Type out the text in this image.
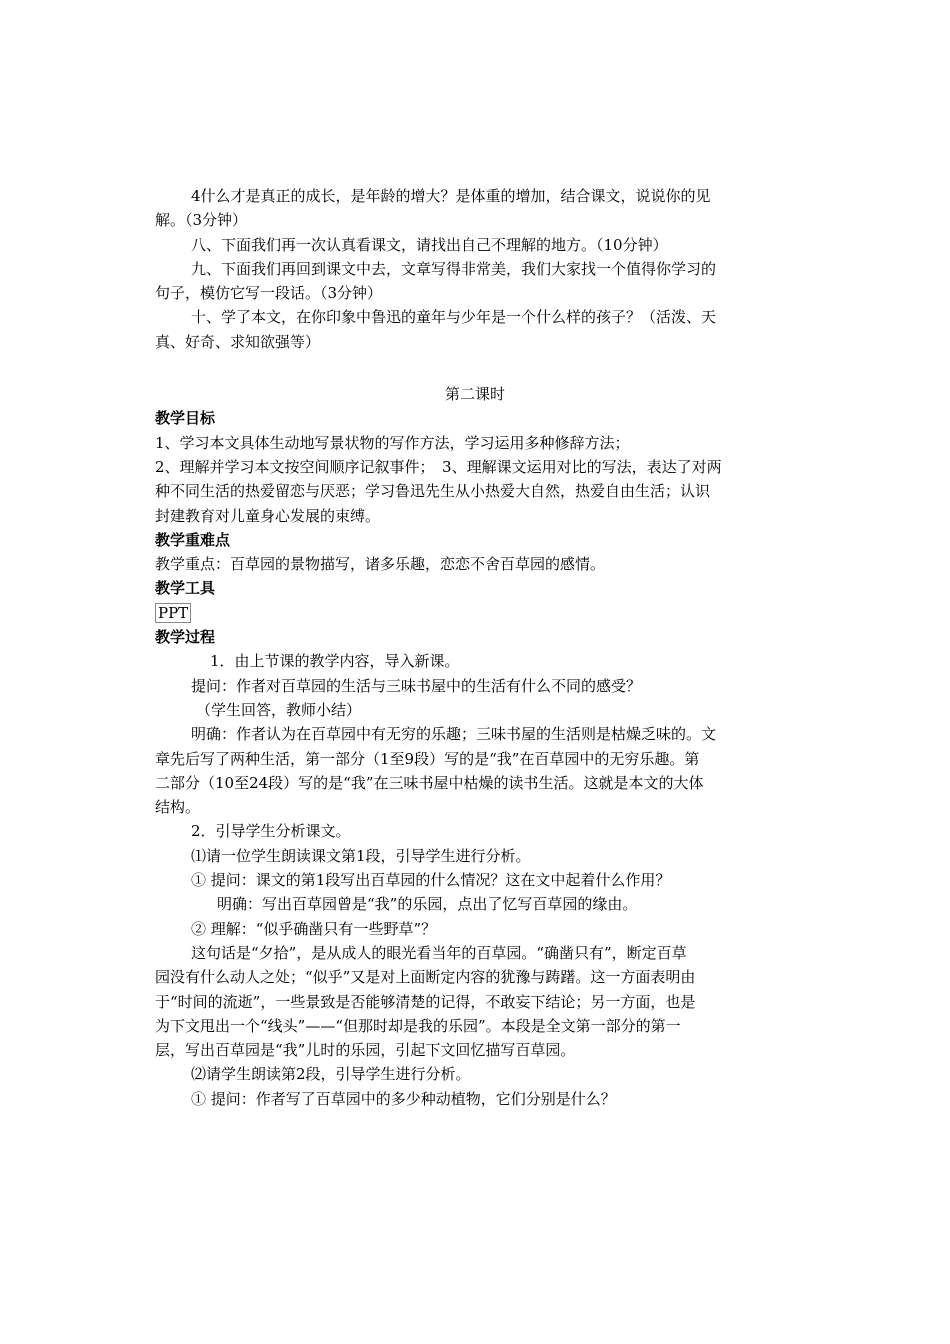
4什么才是真正的成长，是年龄的增大？是体重的增加，结合课文，说说你的见
解。（3分钟）
八、下面我们再一次认真看课文，请找出自己不理解的地方。（10分钟）
九、下面我们再回到课文中去，文章写得非常美，我们大家找一个值得你学习的
句子，模仿它写一段话。（3分钟）
十、学了本文，在你印象中鲁迅的童年与少年是一个什么样的孩子？（活泼、天
真、好奇、求知欲强等）
第二课时
教学目标
1、学习本文具体生动地写景状物的写作方法，学习运用多种修辞方法；
2、理解并学习本文按空间顺序记叙事件；　3、理解课文运用对比的写法，表达了对两
种不同生活的热爱留恋与厌恶；学习鲁迅先生从小热爱大自然，热爱自由生活；认识
封建教育对儿童身心发展的束缚。
教学重难点
教学重点：百草园的景物描写，诸多乐趣，恋恋不舍百草园的感情。
教学工具
PPT
教学过程
1．由上节课的教学内容，导入新课。
提问：作者对百草园的生活与三味书屋中的生活有什么不同的感受？
（学生回答，教师小结）
明确：作者认为在百草园中有无穷的乐趣；三味书屋的生活则是枯燥乏味的。文
章先后写了两种生活，第一部分（1至9段）写的是“我”在百草园中的无穷乐趣。第
二部分（10至24段）写的是“我”在三味书屋中枯燥的读书生活。这就是本文的大体
结构。
2．引导学生分析课文。
⑴请一位学生朗读课文第1段，引导学生进行分析。
① 提问：课文的第1段写出百草园的什么情况？这在文中起着什么作用？
明确：写出百草园曾是“我”的乐园，点出了忆写百草园的缘由。
② 理解：“似乎确凿只有一些野草”？
这句话是“夕拾”，是从成人的眼光看当年的百草园。“确凿只有”，断定百草
园没有什么动人之处；“似乎”又是对上面断定内容的犹豫与踌躇。这一方面表明由
于“时间的流逝”，一些景致是否能够清楚的记得，不敢妄下结论；另一方面，也是
为下文甩出一个“线头”——“但那时却是我的乐园”。本段是全文第一部分的第一
层，写出百草园是“我”儿时的乐园，引起下文回忆描写百草园。
⑵请学生朗读第2段，引导学生进行分析。
① 提问：作者写了百草园中的多少种动植物，它们分别是什么？
